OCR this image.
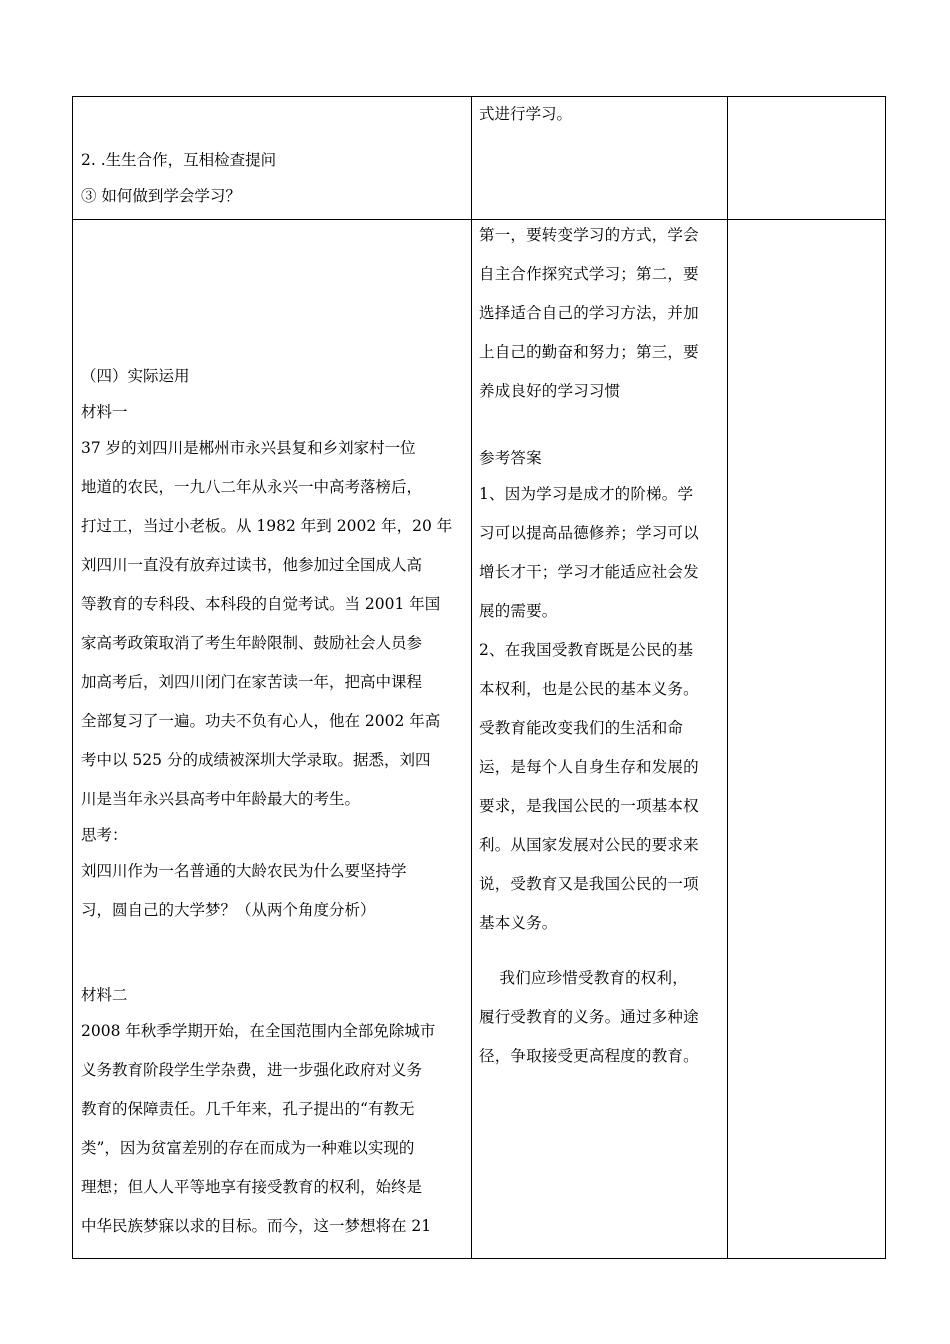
式进行学习。
2. .生生合作，互相检查提问
③ 如何做到学会学习？
（四）实际运用
材料一
37 岁的刘四川是郴州市永兴县复和乡刘家村一位
地道的农民，一九八二年从永兴一中高考落榜后，
打过工，当过小老板。从 1982 年到 2002 年，20 年
刘四川一直没有放弃过读书，他参加过全国成人高
等教育的专科段、本科段的自觉考试。当 2001 年国
家高考政策取消了考生年龄限制、鼓励社会人员参
加高考后，刘四川闭门在家苦读一年，把高中课程
全部复习了一遍。功夫不负有心人，他在 2002 年高
考中以 525 分的成绩被深圳大学录取。据悉，刘四
川是当年永兴县高考中年龄最大的考生。
思考：
刘四川作为一名普通的大龄农民为什么要坚持学
习，圆自己的大学梦？（从两个角度分析）
材料二
2008 年秋季学期开始，在全国范围内全部免除城市
义务教育阶段学生学杂费，进一步强化政府对义务
教育的保障责任。几千年来，孔子提出的“有教无
类”，因为贫富差别的存在而成为一种难以实现的
理想；但人人平等地享有接受教育的权利，始终是
中华民族梦寐以求的目标。而今，这一梦想将在 21
第一，要转变学习的方式，学会
自主合作探究式学习；第二，要
选择适合自己的学习方法，并加
上自己的勤奋和努力；第三，要
养成良好的学习习惯
参考答案
1、因为学习是成才的阶梯。学
习可以提高品德修养；学习可以
增长才干；学习才能适应社会发
展的需要。
2、在我国受教育既是公民的基
本权利，也是公民的基本义务。
受教育能改变我们的生活和命
运，是每个人自身生存和发展的
要求，是我国公民的一项基本权
利。从国家发展对公民的要求来
说，受教育又是我国公民的一项
基本义务。
我们应珍惜受教育的权利，
履行受教育的义务。通过多种途
径，争取接受更高程度的教育。
